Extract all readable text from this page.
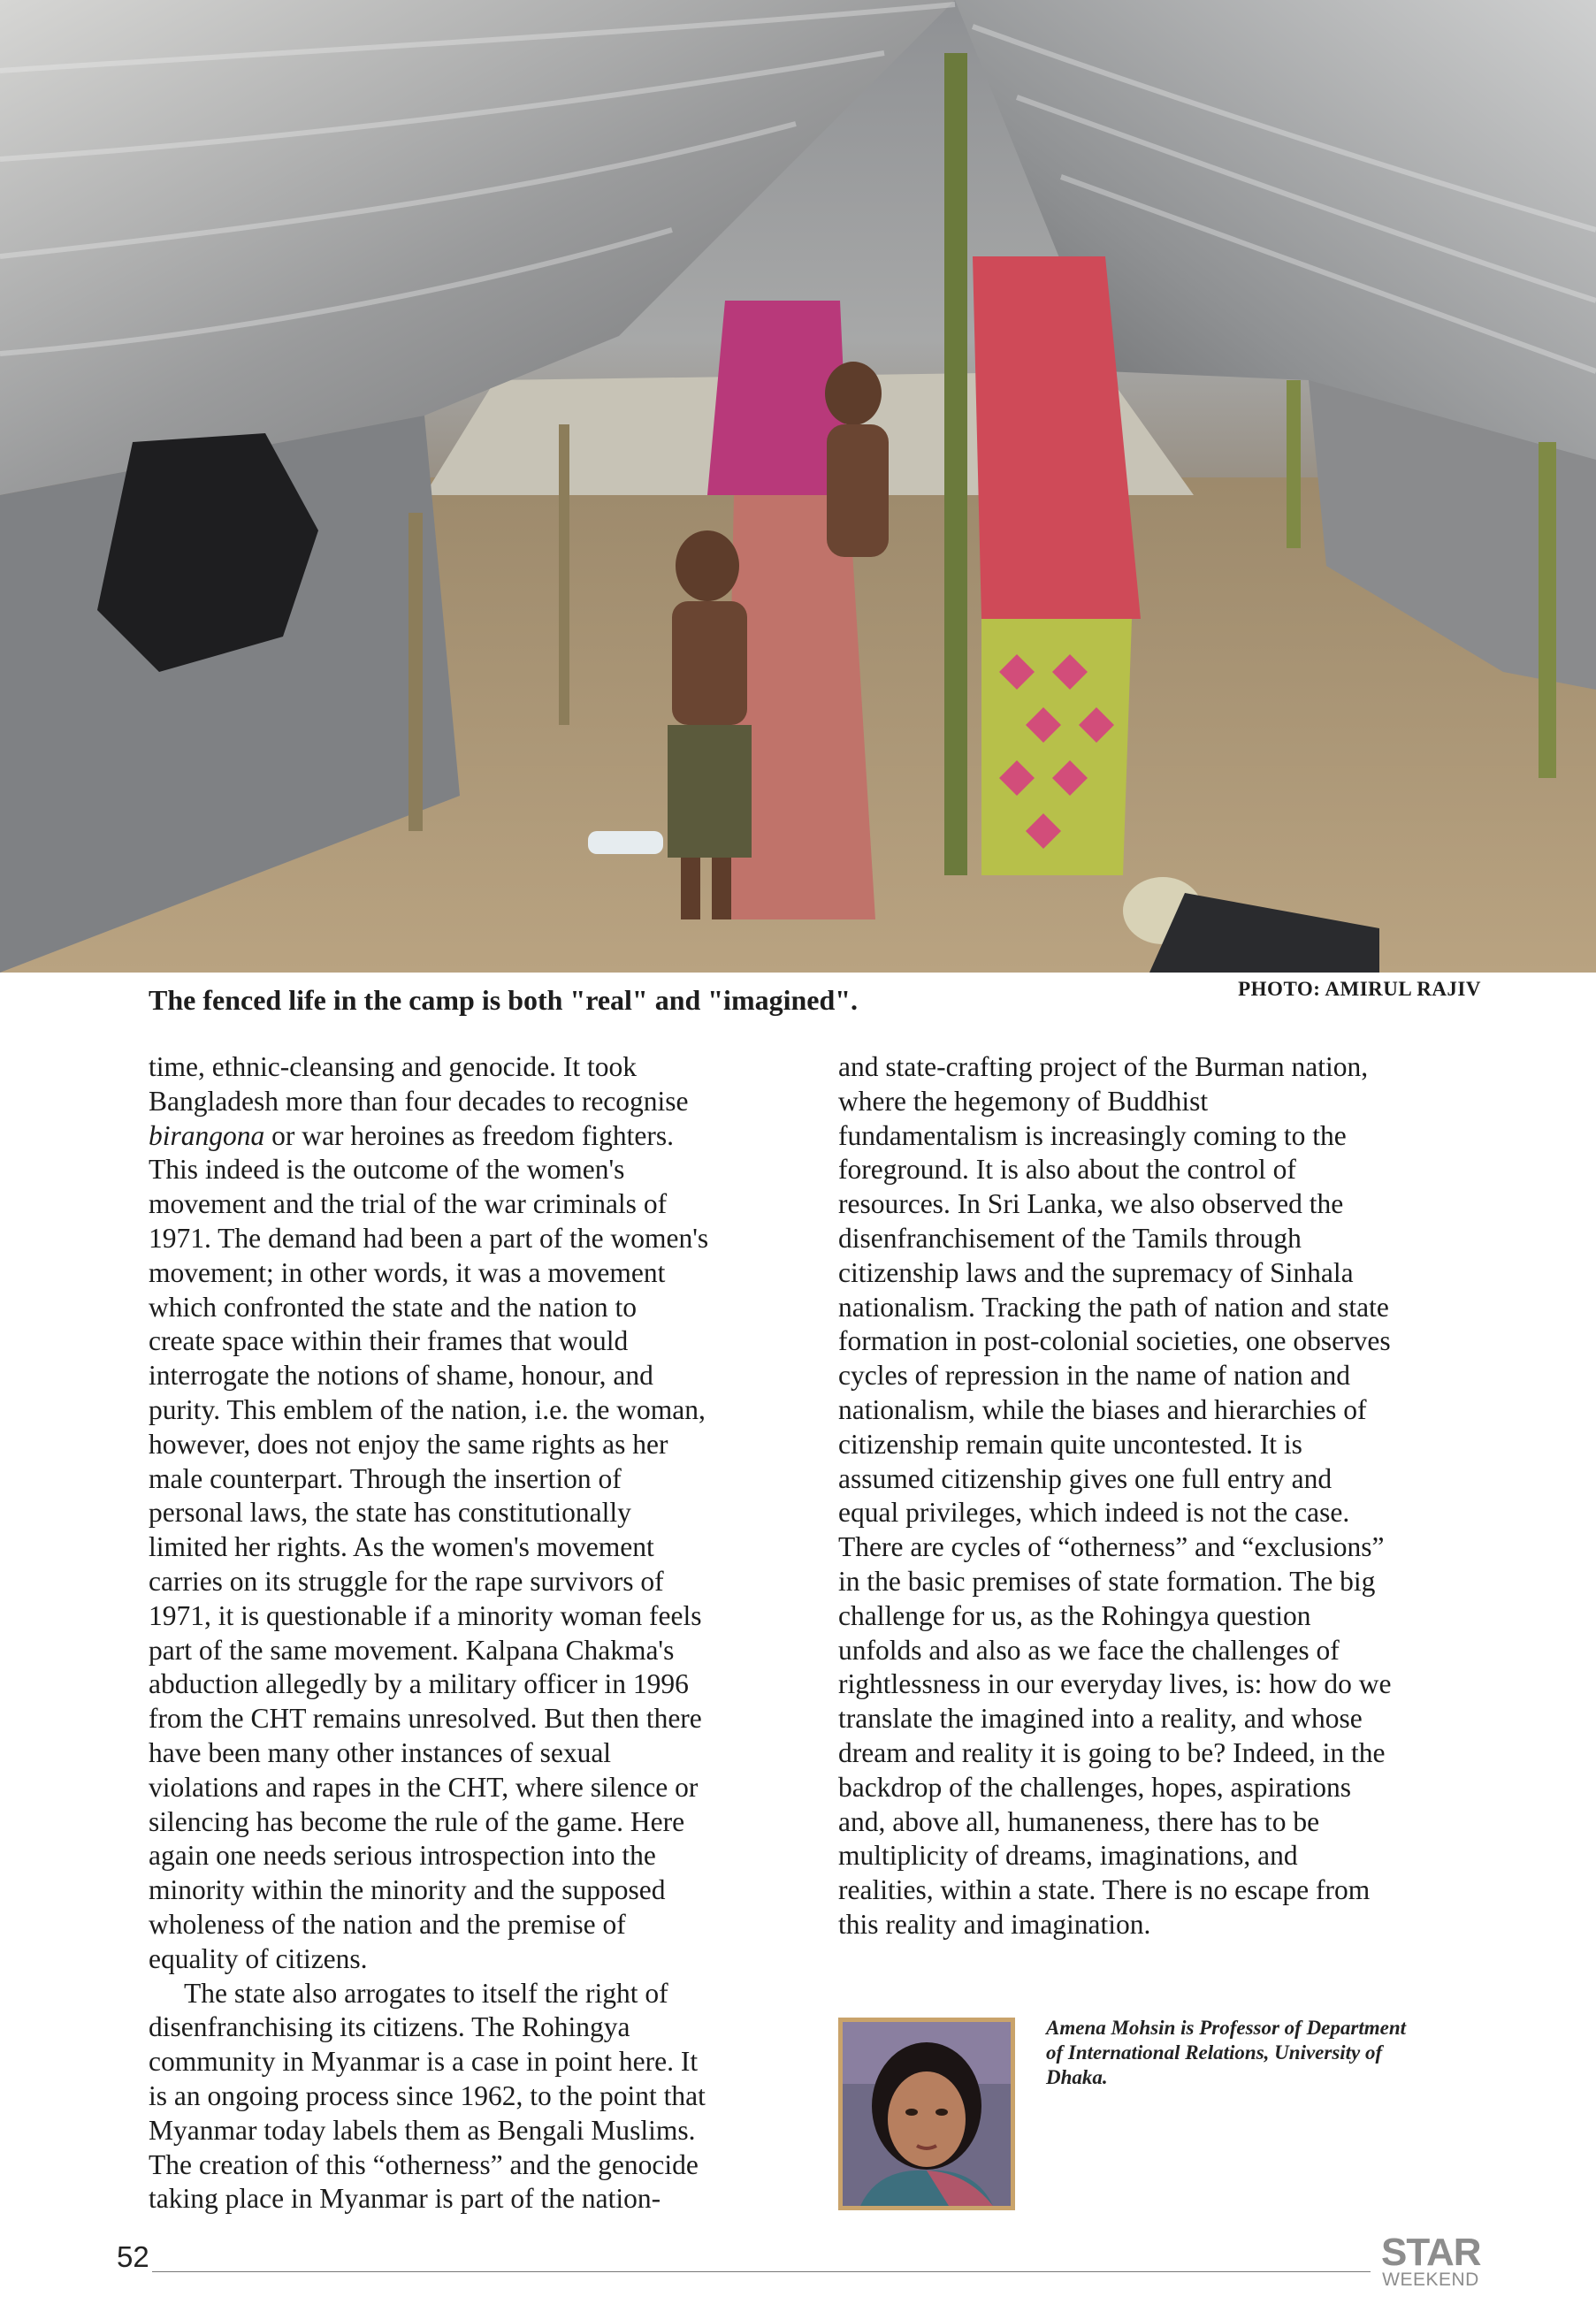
The fenced life in the camp is both "real" and "imagined".	PHOTO: AMIRUL RAJIV

time, ethnic-cleansing and genocide. It took
Bangladesh more than four decades to recognise
birangona or war heroines as freedom fighters.
This indeed is the outcome of the women's
movement and the trial of the war criminals of
1971. The demand had been a part of the women's
movement; in other words, it was a movement
which confronted the state and the nation to
create space within their frames that would
interrogate the notions of shame, honour, and
purity. This emblem of the nation, i.e. the woman,
however, does not enjoy the same rights as her
male counterpart. Through the insertion of
personal laws, the state has constitutionally
limited her rights. As the women's movement
carries on its struggle for the rape survivors of
1971, it is questionable if a minority woman feels
part of the same movement. Kalpana Chakma's
abduction allegedly by a military officer in 1996
from the CHT remains unresolved. But then there
have been many other instances of sexual
violations and rapes in the CHT, where silence or
silencing has become the rule of the game. Here
again one needs serious introspection into the
minority within the minority and the supposed
wholeness of the nation and the premise of
equality of citizens.

The state also arrogates to itself the right of
disenfranchising its citizens. The Rohingya
community in Myanmar is a case in point here. It
is an ongoing process since 1962, to the point that
Myanmar today labels them as Bengali Muslims.
The creation of this “otherness” and the genocide
taking place in Myanmar is part of the nation-

and state-crafting project of the Burman nation,
where the hegemony of Buddhist
fundamentalism is increasingly coming to the
foreground. It is also about the control of
resources. In Sri Lanka, we also observed the
disenfranchisement of the Tamils through
citizenship laws and the supremacy of Sinhala
nationalism. Tracking the path of nation and state
formation in post-colonial societies, one observes
cycles of repression in the name of nation and
nationalism, while the biases and hierarchies of
citizenship remain quite uncontested. It is
assumed citizenship gives one full entry and
equal privileges, which indeed is not the case.
There are cycles of “otherness” and “exclusions”
in the basic premises of state formation. The big
challenge for us, as the Rohingya question
unfolds and also as we face the challenges of
rightlessness in our everyday lives, is: how do we
translate the imagined into a reality, and whose
dream and reality it is going to be? Indeed, in the
backdrop of the challenges, hopes, aspirations
and, above all, humaneness, there has to be
multiplicity of dreams, imaginations, and
realities, within a state. There is no escape from
this reality and imagination.

Amena Mohsin is Professor of Department
of International Relations, University of
Dhaka.
52	STAR
WEEKEND
